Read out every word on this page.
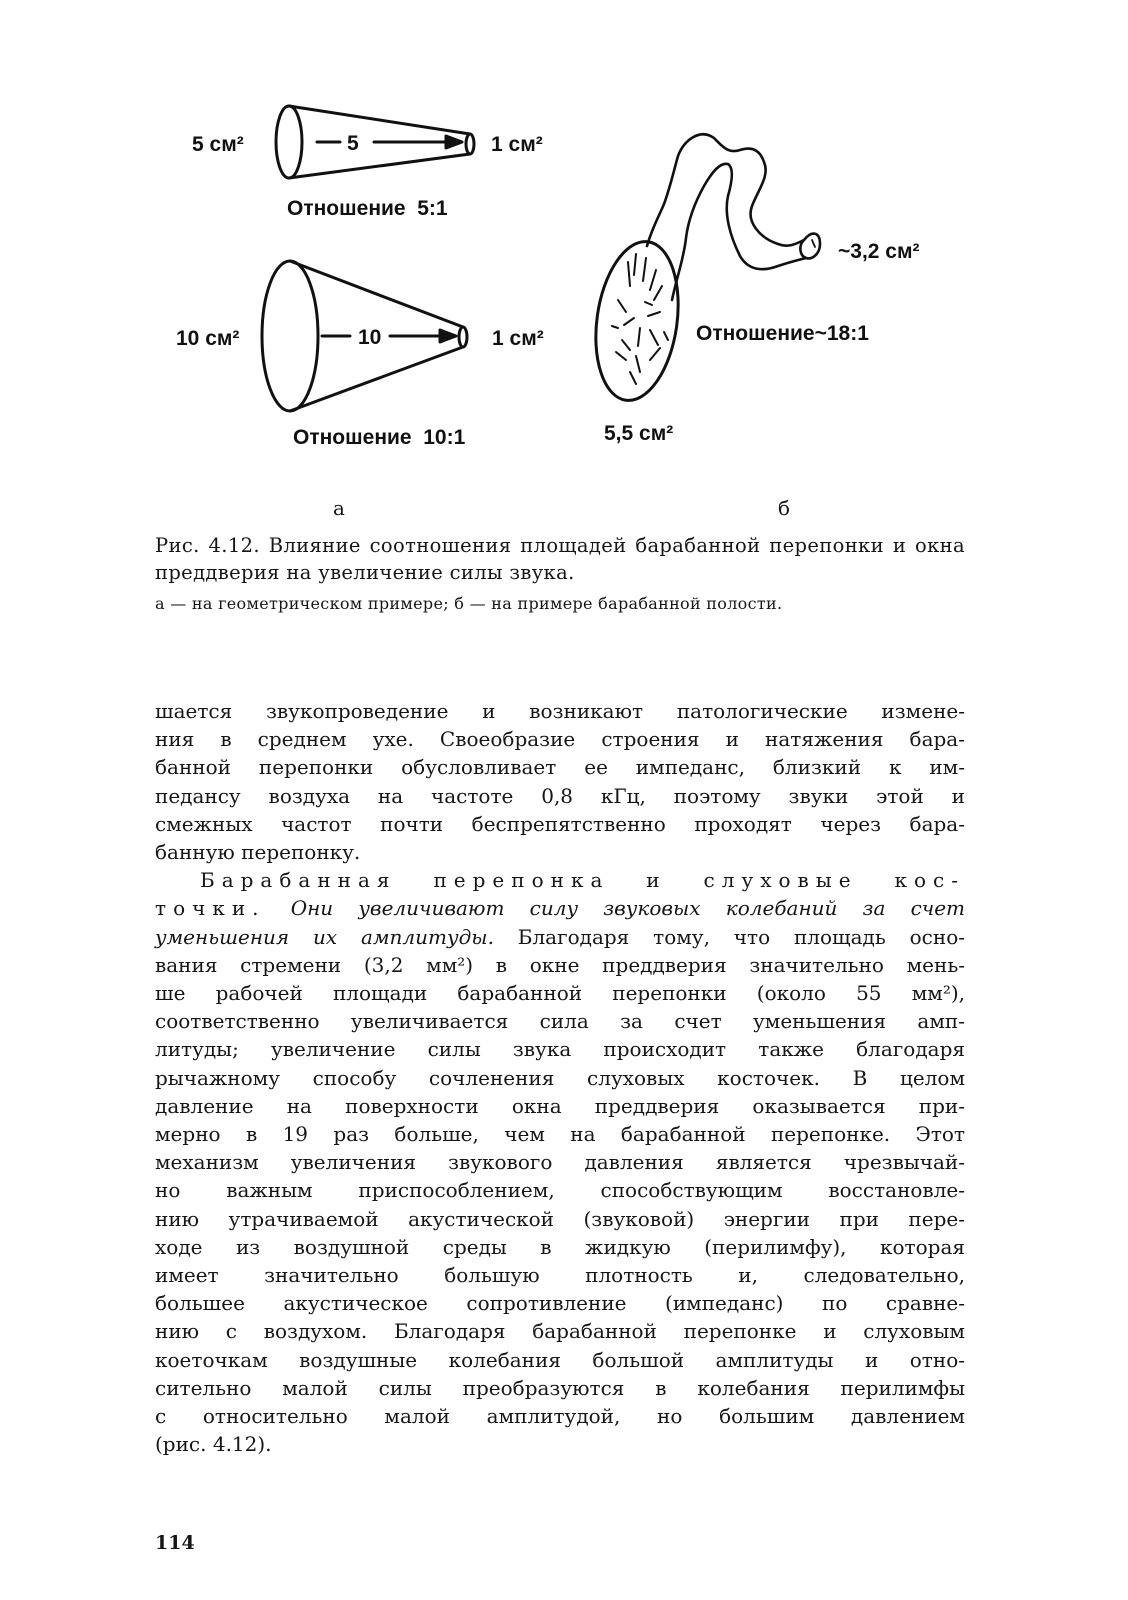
5 см²	5	1 см²
Отношение  5:1
10 см²	10	1 см²
Отношение  10:1
~3,2 см²
Отношение~18:1
5,5 см²
а	б
Рис. 4.12. Влияние соотношения площадей барабанной перепонки и окна преддверия на увеличение силы звука.
а — на геометрическом примере; б — на примере барабанной полости.

шается звукопроведение и возникают патологические измене-

ния в среднем ухе. Своеобразие строения и натяжения бара-

банной перепонки обусловливает ее импеданс, близкий к им-

педансу воздуха на частоте 0,8 кГц, поэтому звуки этой и

смежных частот почти беспрепятственно проходят через бара-

банную перепонку.

Барабанная перепонка и слуховые кос-

точки. Они увеличивают силу звуковых колебаний за счет

уменьшения их амплитуды. Благодаря тому, что площадь осно-

вания стремени (3,2 мм²) в окне преддверия значительно мень-

ше рабочей площади барабанной перепонки (около 55 мм²),

соответственно увеличивается сила за счет уменьшения амп-

литуды; увеличение силы звука происходит также благодаря

рычажному способу сочленения слуховых косточек. В целом

давление на поверхности окна преддверия оказывается при-

мерно в 19 раз больше, чем на барабанной перепонке. Этот

механизм увеличения звукового давления является чрезвычай-

но важным приспособлением, способствующим восстановле-

нию утрачиваемой акустической (звуковой) энергии при пере-

ходе из воздушной среды в жидкую (перилимфу), которая

имеет значительно большую плотность и, следовательно,

большее акустическое сопротивление (импеданс) по сравне-

нию с воздухом. Благодаря барабанной перепонке и слуховым

коеточкам воздушные колебания большой амплитуды и отно-

сительно малой силы преобразуются в колебания перилимфы

с относительно малой амплитудой, но большим давлением

(рис. 4.12).

114
